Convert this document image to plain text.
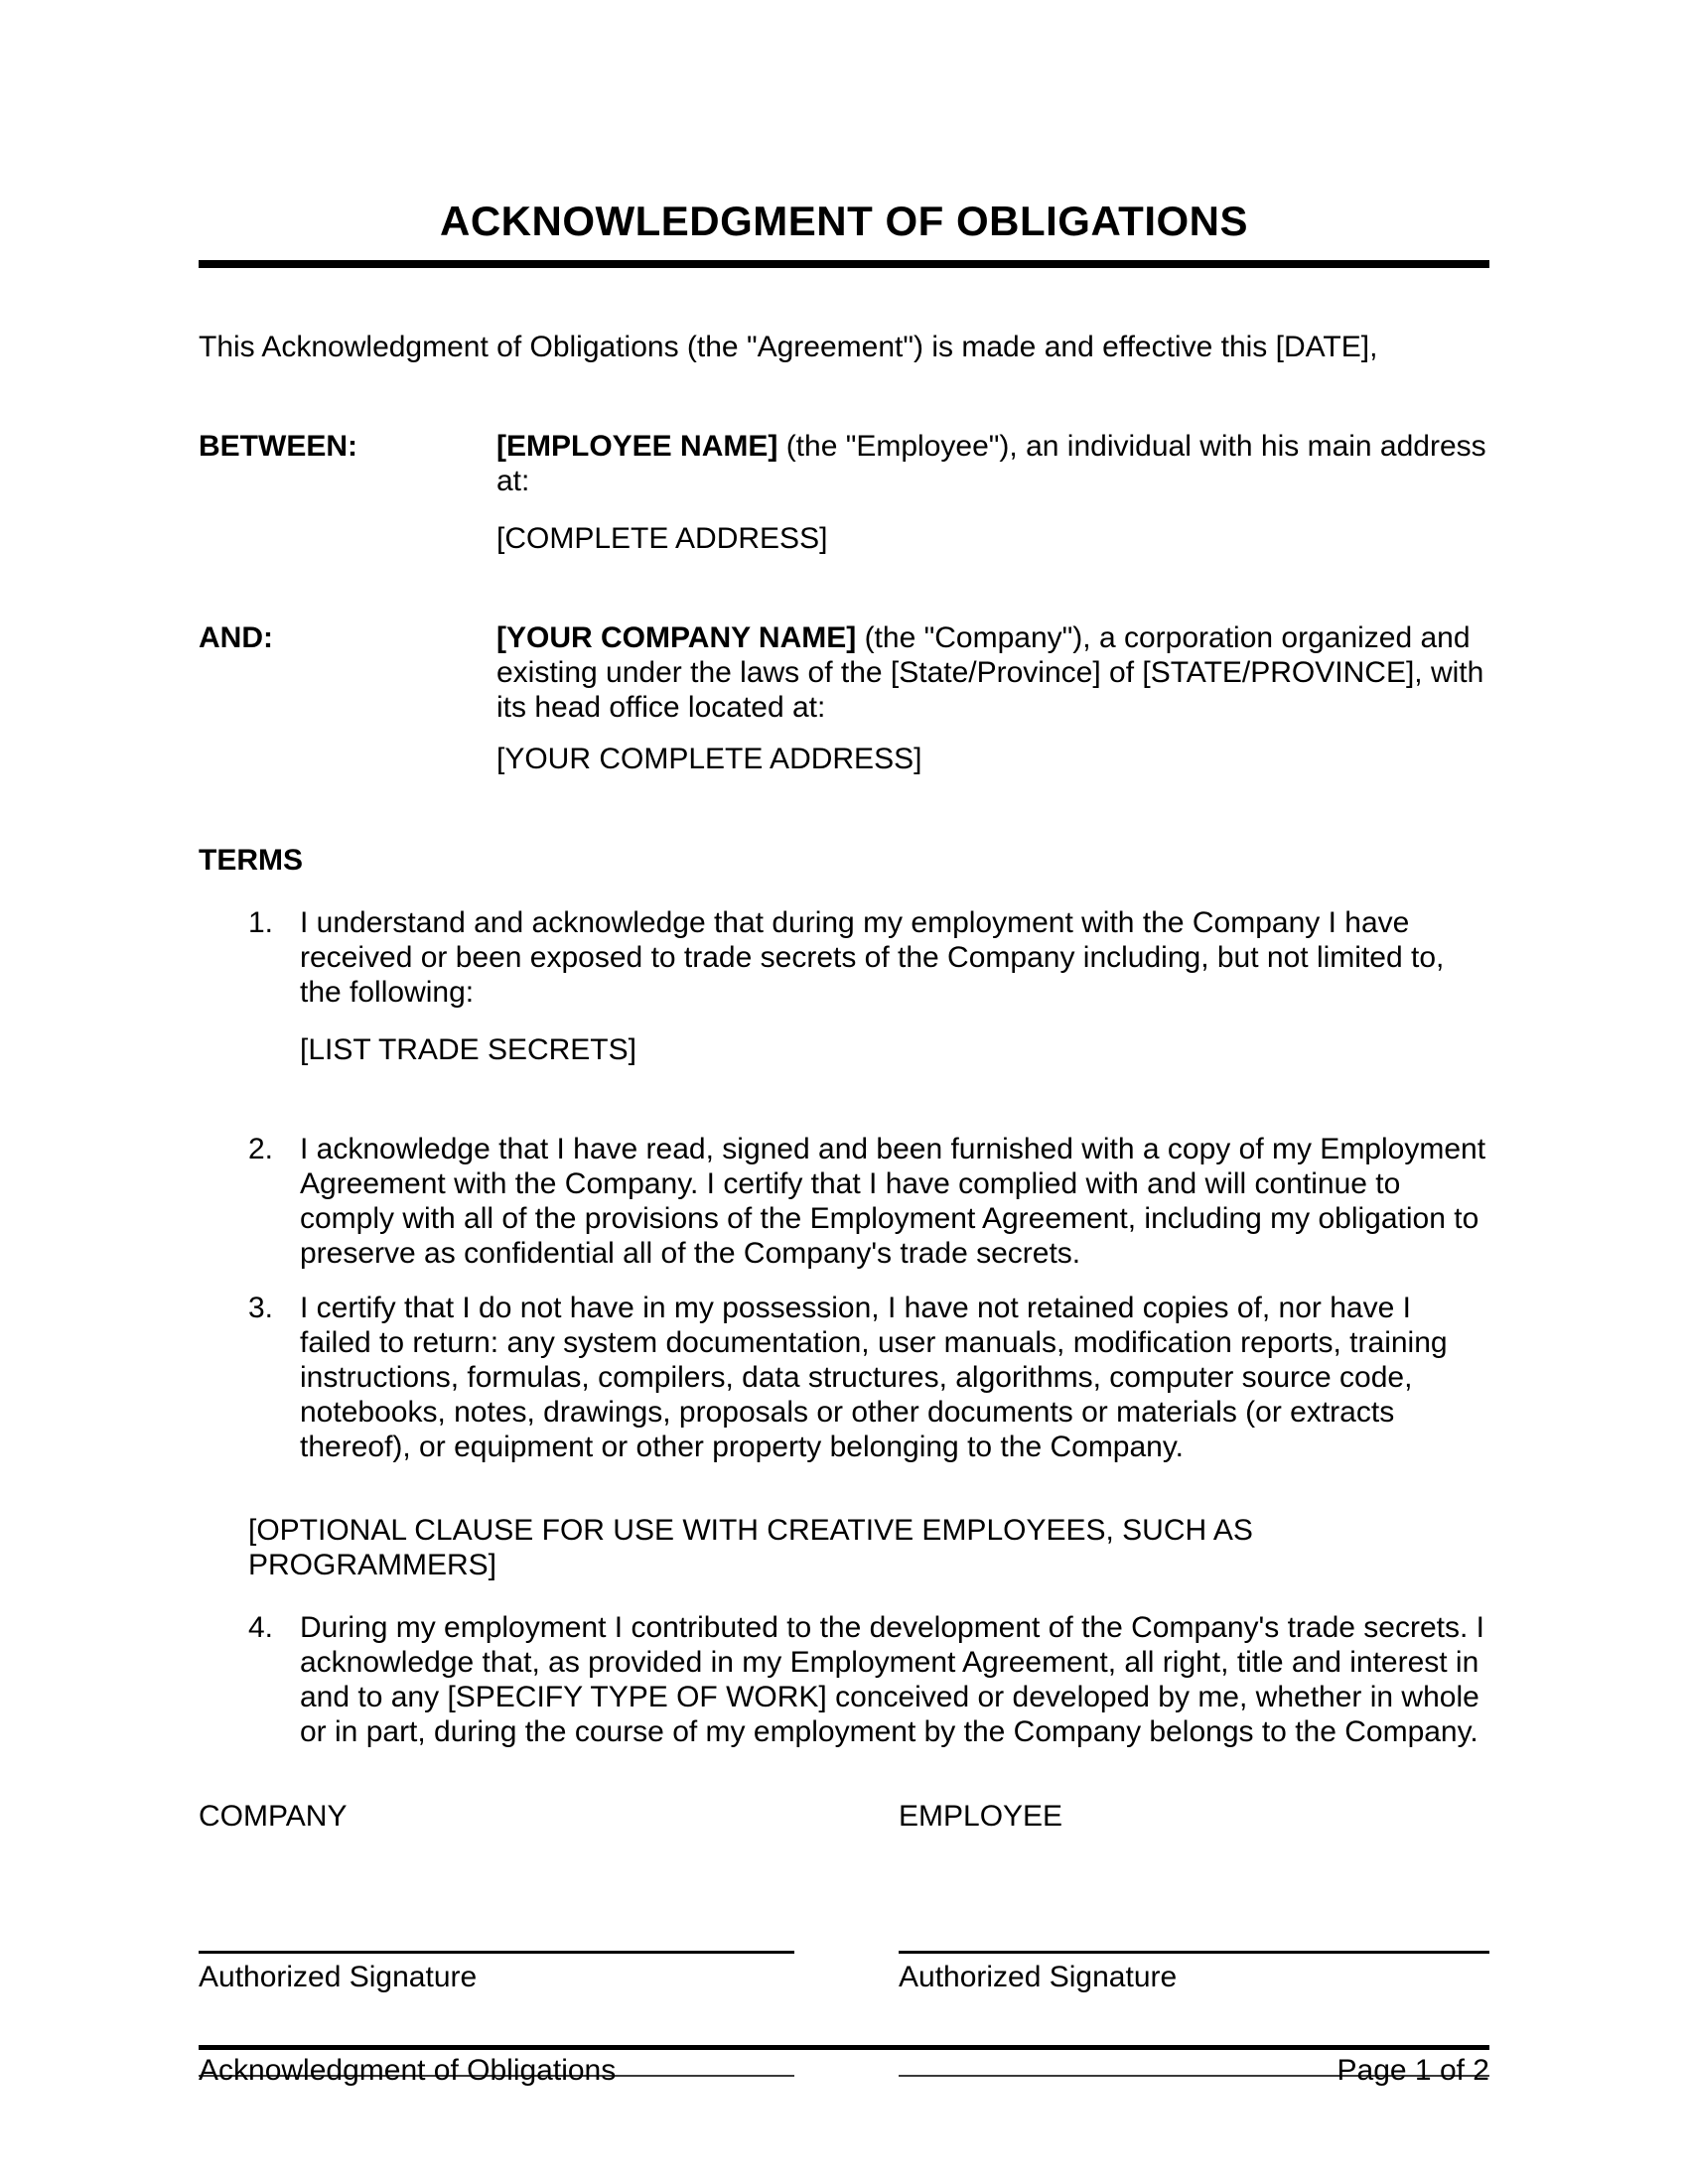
ACKNOWLEDGMENT OF OBLIGATIONS

This Acknowledgment of Obligations (the "Agreement") is made and effective this [DATE],

BETWEEN:	[EMPLOYEE NAME] (the "Employee"), an individual with his main address at:

[COMPLETE ADDRESS]

AND:	[YOUR COMPANY NAME] (the "Company"), a corporation organized and existing under the laws of the [State/Province] of [STATE/PROVINCE], with its head office located at:

[YOUR COMPLETE ADDRESS]

TERMS
1. I understand and acknowledge that during my employment with the Company I have received or been exposed to trade secrets of the Company including, but not limited to, the following:

[LIST TRADE SECRETS]

2. I acknowledge that I have read, signed and been furnished with a copy of my Employment Agreement with the Company. I certify that I have complied with and will continue to comply with all of the provisions of the Employment Agreement, including my obligation to preserve as confidential all of the Company's trade secrets.

3. I certify that I do not have in my possession, I have not retained copies of, nor have I failed to return: any system documentation, user manuals, modification reports, training instructions, formulas, compilers, data structures, algorithms, computer source code, notebooks, notes, drawings, proposals or other documents or materials (or extracts thereof), or equipment or other property belonging to the Company.

[OPTIONAL CLAUSE FOR USE WITH CREATIVE EMPLOYEES, SUCH AS PROGRAMMERS]

4. During my employment I contributed to the development of the Company's trade secrets. I acknowledge that, as provided in my Employment Agreement, all right, title and interest in and to any [SPECIFY TYPE OF WORK] conceived or developed by me, whether in whole or in part, during the course of my employment by the Company belongs to the Company.

COMPANY
Authorized Signature
EMPLOYEE
Authorized Signature
Acknowledgment of Obligations	Page 1 of 2
